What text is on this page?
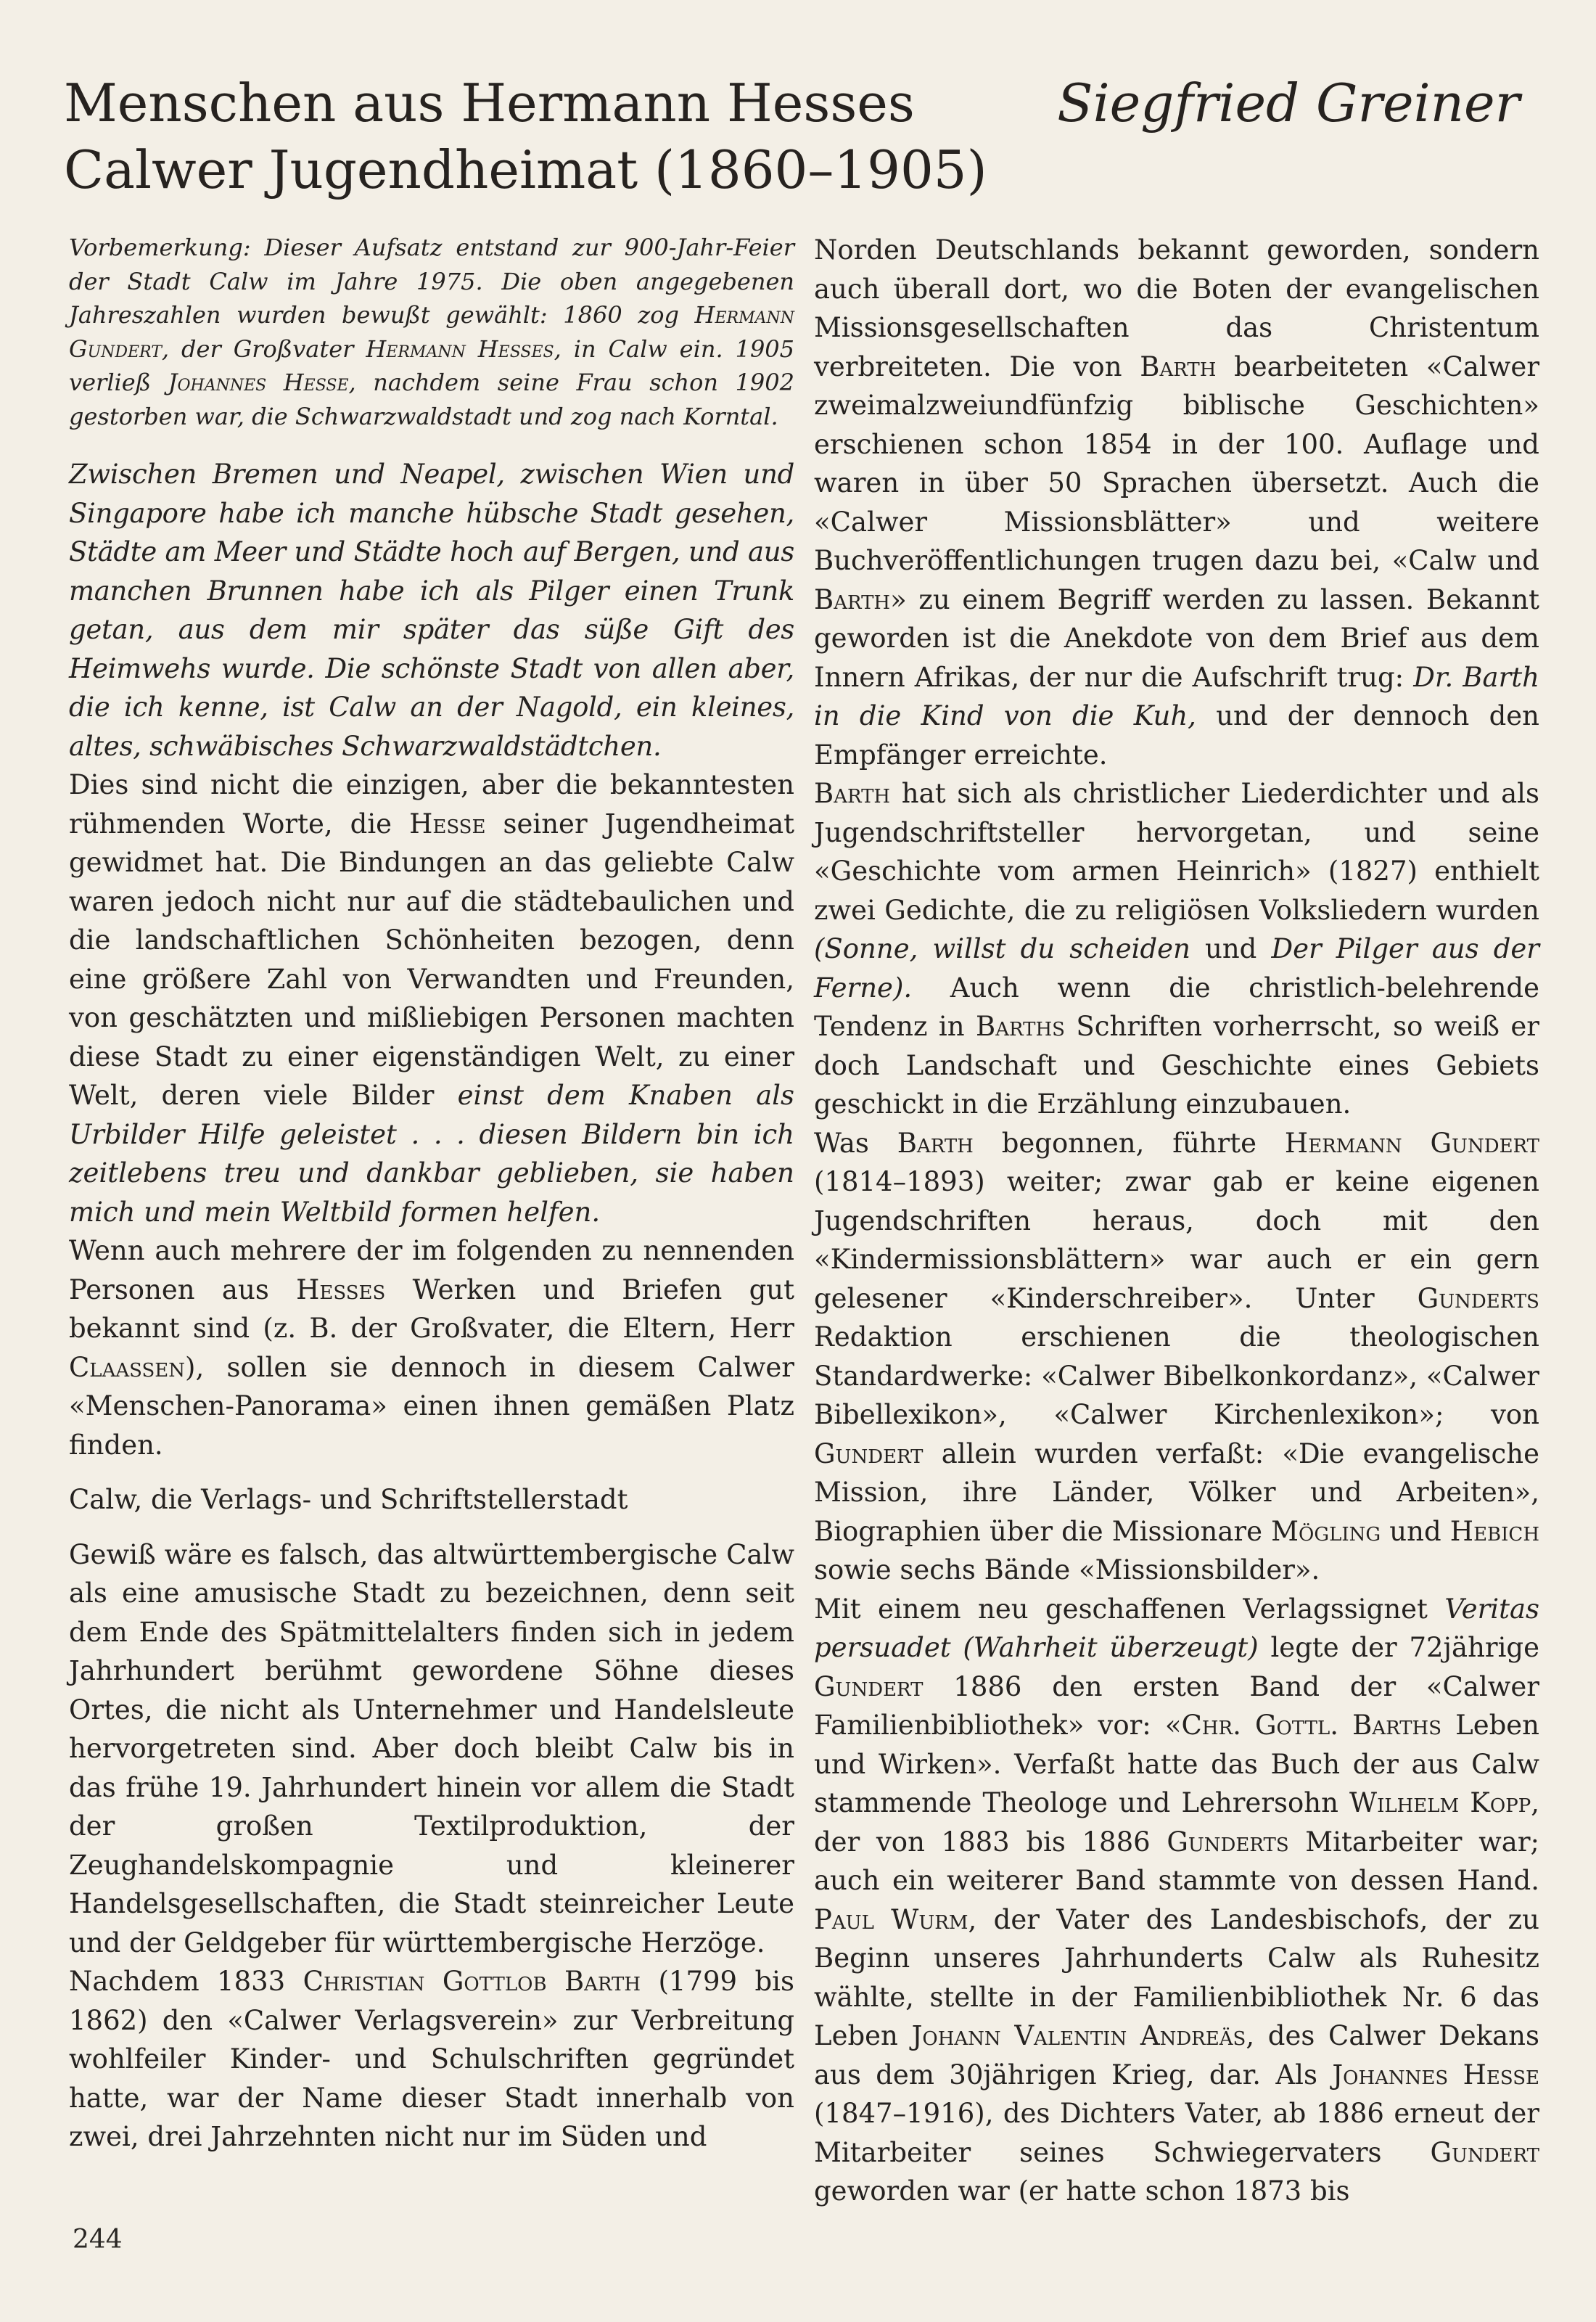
Menschen aus Hermann Hesses
Calwer Jugendheimat (1860–1905)
Siegfried Greiner

Vorbemerkung: Dieser Aufsatz entstand zur 900-Jahr-Feier der Stadt Calw im Jahre 1975. Die oben angegebenen Jahreszahlen wurden bewußt gewählt: 1860 zog Hermann Gundert, der Großvater Hermann Hesses, in Calw ein. 1905 verließ Johannes Hesse, nachdem seine Frau schon 1902 gestorben war, die Schwarzwaldstadt und zog nach Korntal.

Zwischen Bremen und Neapel, zwischen Wien und Singapore habe ich manche hübsche Stadt gesehen, Städte am Meer und Städte hoch auf Bergen, und aus manchen Brunnen habe ich als Pilger einen Trunk getan, aus dem mir später das süße Gift des Heimwehs wurde. Die schönste Stadt von allen aber, die ich kenne, ist Calw an der Nagold, ein kleines, altes, schwäbisches Schwarzwaldstädtchen.

Dies sind nicht die einzigen, aber die bekanntesten rühmenden Worte, die Hesse seiner Jugendheimat gewidmet hat. Die Bindungen an das geliebte Calw waren jedoch nicht nur auf die städtebaulichen und die landschaftlichen Schönheiten bezogen, denn eine größere Zahl von Verwandten und Freunden, von geschätzten und mißliebigen Personen machten diese Stadt zu einer eigenständigen Welt, zu einer Welt, deren viele Bilder einst dem Knaben als Urbilder Hilfe geleistet . . . diesen Bildern bin ich zeitlebens treu und dankbar geblieben, sie haben mich und mein Weltbild formen helfen.

Wenn auch mehrere der im folgenden zu nennenden Personen aus Hesses Werken und Briefen gut bekannt sind (z. B. der Großvater, die Eltern, Herr Claassen), sollen sie dennoch in diesem Calwer «Menschen-Panorama» einen ihnen gemäßen Platz finden.

Calw, die Verlags- und Schriftstellerstadt

Gewiß wäre es falsch, das altwürttembergische Calw als eine amusische Stadt zu bezeichnen, denn seit dem Ende des Spätmittelalters finden sich in jedem Jahrhundert berühmt gewordene Söhne dieses Ortes, die nicht als Unternehmer und Handelsleute hervorgetreten sind. Aber doch bleibt Calw bis in das frühe 19. Jahrhundert hinein vor allem die Stadt der großen Textilproduktion, der Zeughandelskompagnie und kleinerer Handelsgesellschaften, die Stadt steinreicher Leute und der Geldgeber für württembergische Herzöge.

Nachdem 1833 Christian Gottlob Barth (1799 bis 1862) den «Calwer Verlagsverein» zur Verbreitung wohlfeiler Kinder- und Schulschriften gegründet hatte, war der Name dieser Stadt innerhalb von zwei, drei Jahrzehnten nicht nur im Süden und

Norden Deutschlands bekannt geworden, sondern auch überall dort, wo die Boten der evangelischen Missionsgesellschaften das Christentum verbreiteten. Die von Barth bearbeiteten «Calwer zweimalzweiundfünfzig biblische Geschichten» erschienen schon 1854 in der 100. Auflage und waren in über 50 Sprachen übersetzt. Auch die «Calwer Missionsblätter» und weitere Buchveröffentlichungen trugen dazu bei, «Calw und Barth» zu einem Begriff werden zu lassen. Bekannt geworden ist die Anekdote von dem Brief aus dem Innern Afrikas, der nur die Aufschrift trug: Dr. Barth in die Kind von die Kuh, und der dennoch den Empfänger erreichte.

Barth hat sich als christlicher Liederdichter und als Jugendschriftsteller hervorgetan, und seine «Geschichte vom armen Heinrich» (1827) enthielt zwei Gedichte, die zu religiösen Volksliedern wurden (Sonne, willst du scheiden und Der Pilger aus der Ferne). Auch wenn die christlich-belehrende Tendenz in Barths Schriften vorherrscht, so weiß er doch Landschaft und Geschichte eines Gebiets geschickt in die Erzählung einzubauen.

Was Barth begonnen, führte Hermann Gundert (1814–1893) weiter; zwar gab er keine eigenen Jugendschriften heraus, doch mit den «Kindermissionsblättern» war auch er ein gern gelesener «Kinderschreiber». Unter Gunderts Redaktion erschienen die theologischen Standardwerke: «Calwer Bibelkonkordanz», «Calwer Bibellexikon», «Calwer Kirchenlexikon»; von Gundert allein wurden verfaßt: «Die evangelische Mission, ihre Länder, Völker und Arbeiten», Biographien über die Missionare Mögling und Hebich sowie sechs Bände «Missionsbilder».

Mit einem neu geschaffenen Verlagssignet Veritas persuadet (Wahrheit überzeugt) legte der 72jährige Gundert 1886 den ersten Band der «Calwer Familienbibliothek» vor: «Chr. Gottl. Barths Leben und Wirken». Verfaßt hatte das Buch der aus Calw stammende Theologe und Lehrersohn Wilhelm Kopp, der von 1883 bis 1886 Gunderts Mitarbeiter war; auch ein weiterer Band stammte von dessen Hand. Paul Wurm, der Vater des Landesbischofs, der zu Beginn unseres Jahrhunderts Calw als Ruhesitz wählte, stellte in der Familienbibliothek Nr. 6 das Leben Johann Valentin Andreäs, des Calwer Dekans aus dem 30jährigen Krieg, dar. Als Johannes Hesse (1847–1916), des Dichters Vater, ab 1886 erneut der Mitarbeiter seines Schwiegervaters Gundert geworden war (er hatte schon 1873 bis

244
